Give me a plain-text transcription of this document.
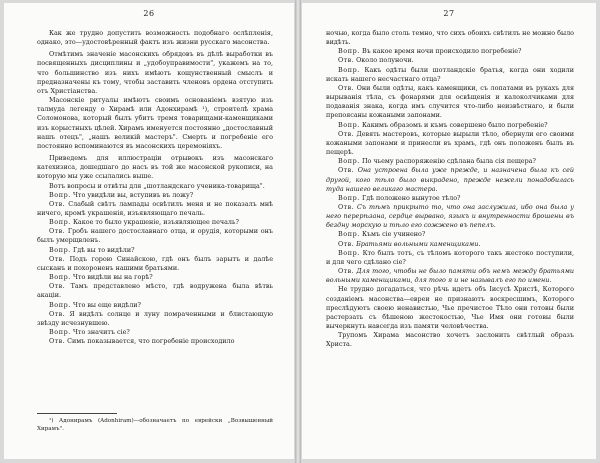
26

Как же трудно допустить возможность подобнаго ослѣпленія, однако, это—удостовѣренный фактъ изъ жизни русскаго масонства.

Отмѣтимъ значеніе масонскихъ обрядовъ въ дѣлѣ выработки въ посвященныхъ дисциплины и „удобоуправимости", укажемъ на то, что большинство изъ нихъ имѣютъ кощунственный смыслъ и предназначены къ тому, чтобы заставить членовъ ордена отступить отъ Христіанства.

Масонскіе ритуалы имѣютъ своимъ основаніемъ взятую изъ талмуда легенду о Хирамѣ или Адонхирамѣ ¹), строителѣ храма Соломонова, который былъ убитъ тремя товарищами-каменщиками изъ корыстныхъ цѣлей. Хирамъ именуется постоянно „достославный нашъ отецъ", „нашъ великій мастеръ". Смерть и погребеніе его постоянно вспоминаются въ масонскихъ церемоніяхъ.

Приведемъ для иллюстраціи отрывокъ изъ масонскаго катехизиса, дошедшаго до насъ въ той же масонской рукописи, на которую мы уже ссылались выше.

Вотъ вопросы и отвѣты для „шотландскаго ученика-товарища".

Вопр. Что увидѣли вы, вступивъ въ ложу?

Отв. Слабый свѣтъ лампады освѣтилъ меня и не показалъ мнѣ ничего, кромѣ украшенія, изъявляющаго печаль.

Вопр. Какое то было украшеніе, изъявляющее печаль?

Отв. Гробъ нашего достославнаго отца, и орудія, которыми онъ былъ умерщвленъ.

Вопр. Гдѣ вы то видѣли?

Отв. Подъ горою Синайскою, гдѣ онъ былъ зарытъ и далѣе сысканъ и похороненъ нашими братьями.

Вопр. Что видѣли вы на горѣ?

Отв. Тамъ представлено мѣсто, гдѣ водружена была вѣтвь акаціи.

Вопр. Что вы еще видѣли?

Отв. Я видѣлъ солнце и луну помраченными и блистающую звѣзду исчезнувшею.

Вопр. Что значитъ сіе?

Отв. Симъ показывается, что погребеніе происходило

¹) Адонирамъ (Adonhiram)—обозначаетъ по еврейски „Возвышенный Хирамъ".
27

ночью, когда было столь темно, что сихъ обоихъ свѣтилъ не можно было видѣть.

Вопр. Въ какое время ночи происходило погребеніе?

Отв. Около полуночи.

Вопр. Какъ одѣты были шотландскіе братья, когда они ходили искать нашего несчастнаго отца?

Отв. Они были одѣты, какъ каменщики, съ лопатами въ рукахъ для вырыванія тѣла, съ фонарями для освѣщенія и калоколчиками для подаванія знака, когда имъ случится что-либо неизвѣстнаго, и были препоясаны кожаными запонами.

Вопр. Какимъ образомъ и къмъ совершено было погребеніе?

Отв. Девять мастеровъ, которые вырыли тѣло, обернули его своими кожаными запонами и принесли въ храмъ, гдѣ онъ положенъ былъ въ пещерѣ.

Вопр. По чьему распоряженію сдѣлана была сія пещера?

Отв. Она устроена была уже прежде, и назначена была къ сей другой, кого тѣло было выкрадено, прежде нежели понадобилась туда нашего великаго мастера.

Вопр. Гдѣ положено вынутое тѣло?

Отв. Съ тѣмъ прикрыто то, что она заслужила, ибо она была у него перерѣзана, сердце вырвано, языкъ и внутренности брошены въ бездну морскую и тѣло его сожжено въ пепелъ.

Вопр. Къмъ сіе учинено?

Отв. Братьями вольными каменщиками.

Вопр. Кто былъ тотъ, съ тѣломъ которого такъ жестоко поступили, и для чего сдѣлано сіе?

Отв. Для того, чтобы не было памяти объ немъ между братьями вольными каменщиками, для того я и не называлъ его по имени.

Не трудно догадаться, что рѣчь идетъ объ Іисусѣ Христѣ, Которого созданіемъ масонства—евреи не признаютъ воскресшимъ, Которого преслѣдуютъ своею ненавистью, Чье пречистое Тѣло они готовы были растерзать съ бѣшеною жестокостью, Чье Имя они готовы были вычеркнуть навсегда изъ памяти человѣчества.

Трупомъ Хирама масонство хочетъ заслонить свѣтлый образъ Христа.
